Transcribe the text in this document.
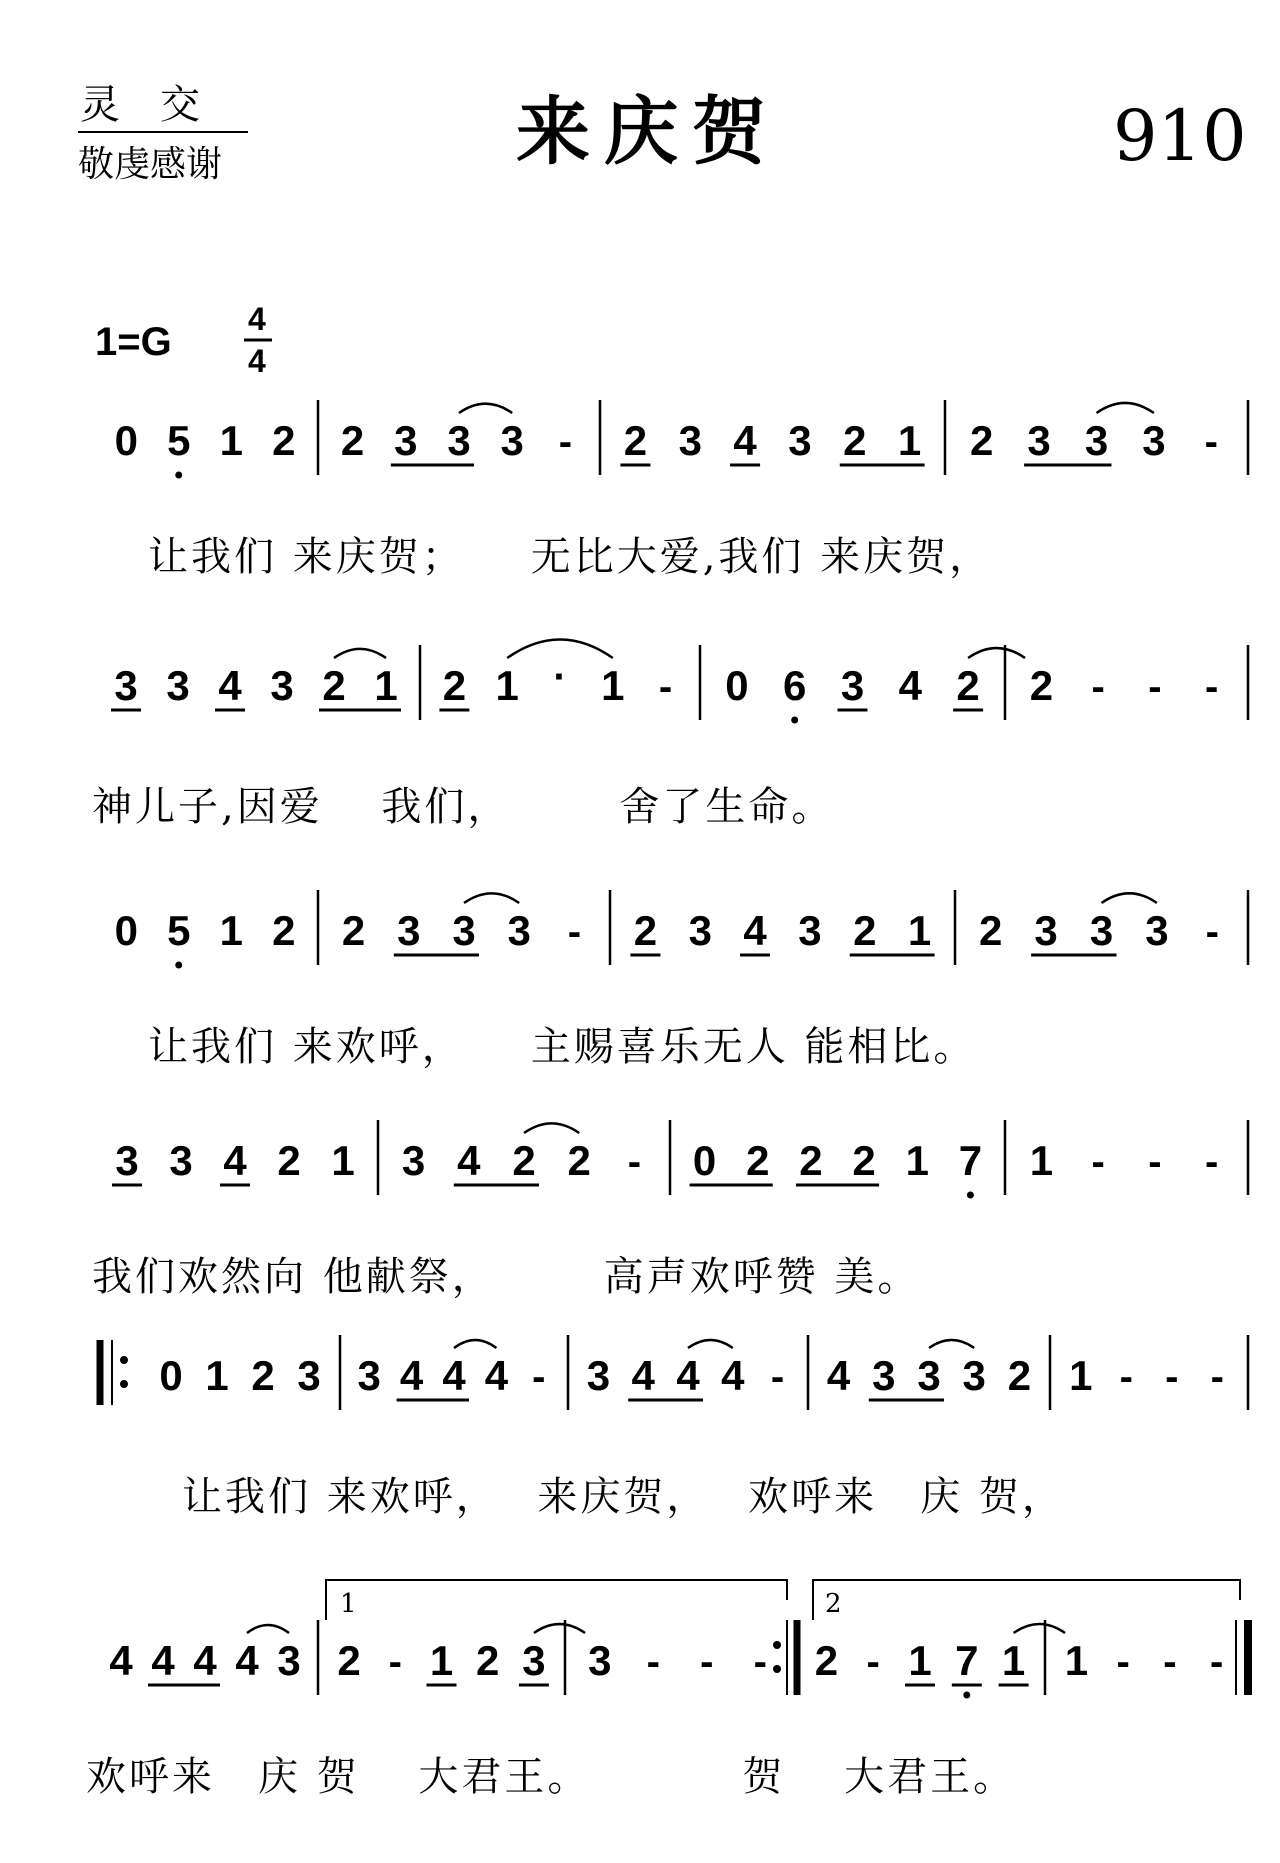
灵　交
敬虔感谢	来庆贺	910
1=G
4
4
让我们 来庆贺；　　无比大爱,我们 来庆贺，
0 5 1 2 2 3 3 3 - 2 3 4 3 2 1 2 3 3 3 -
神儿子,因爱　 我们，　　　舍了生命。
3 3 4 3 2 1 2 1 · 1 - 0 6 3 4 2 2 - - -
让我们 来欢呼，　　主赐喜乐无人 能相比。
0 5 1 2 2 3 3 3 - 2 3 4 3 2 1 2 3 3 3 -
我们欢然向 他献祭，　　　高声欢呼赞 美。
3 3 4 2 1 3 4 2 2 - 0 2 2 2 1 7 1 - - -
让我们 来欢呼，　 来庆贺，　 欢呼来　庆 贺，
0 1 2 3 3 4 4 4 - 3 4 4 4 - 4 3 3 3 2 1 - - -
欢呼来　庆 贺　 大君王。　　　　贺　 大君王。
4 4 4 4 3 2 - 1 2 3 3 - - - 2 - 1 7 1 1 - - -
1	2
